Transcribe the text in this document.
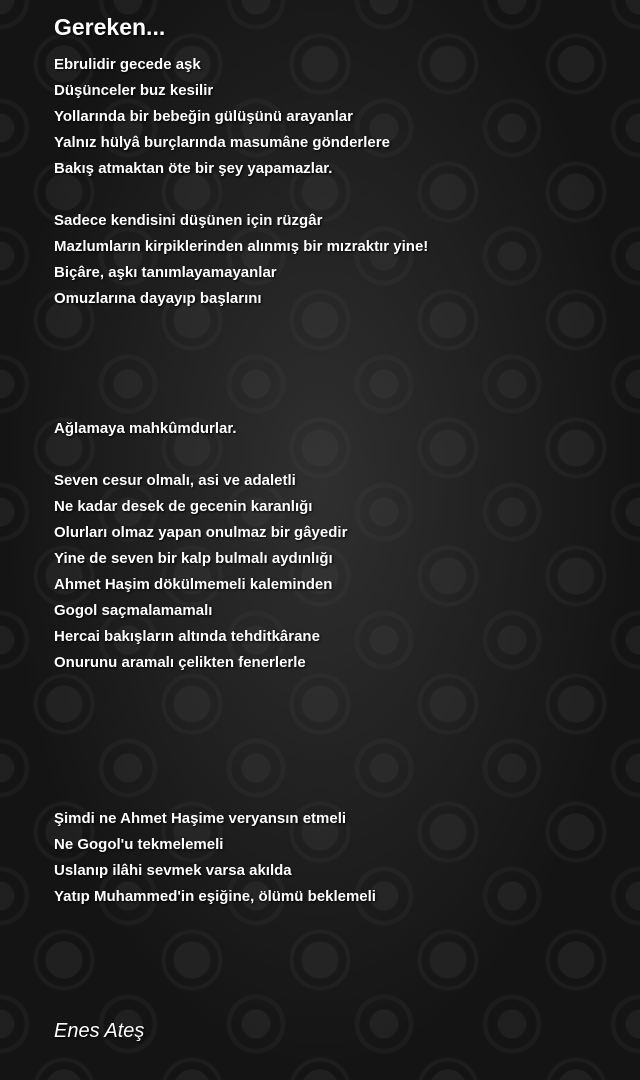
Gereken...

Ebrulidir gecede aşk
Düşünceler buz kesilir
Yollarında bir bebeğin gülüşünü arayanlar
Yalnız hülyâ burçlarında masumâne gönderlere
Bakış atmaktan öte bir şey yapamazlar.

Sadece kendisini düşünen için rüzgâr
Mazlumların kirpiklerinden alınmış bir mızraktır yine!
Biçâre, aşkı tanımlayamayanlar
Omuzlarına dayayıp başlarını

Ağlamaya mahkûmdurlar.

Seven cesur olmalı, asi ve adaletli
Ne kadar desek de gecenin karanlığı
Olurları olmaz yapan onulmaz bir gâyedir
Yine de seven bir kalp bulmalı aydınlığı
Ahmet Haşim dökülmemeli kaleminden
Gogol saçmalamamalı
Hercai bakışların altında tehditkârane
Onurunu aramalı çelikten fenerlerle

Şimdi ne Ahmet Haşime veryansın etmeli
Ne Gogol'u tekmelemeli
Uslanıp ilâhi sevmek varsa akılda
Yatıp Muhammed'in eşiğine, ölümü beklemeli

Enes Ateş
